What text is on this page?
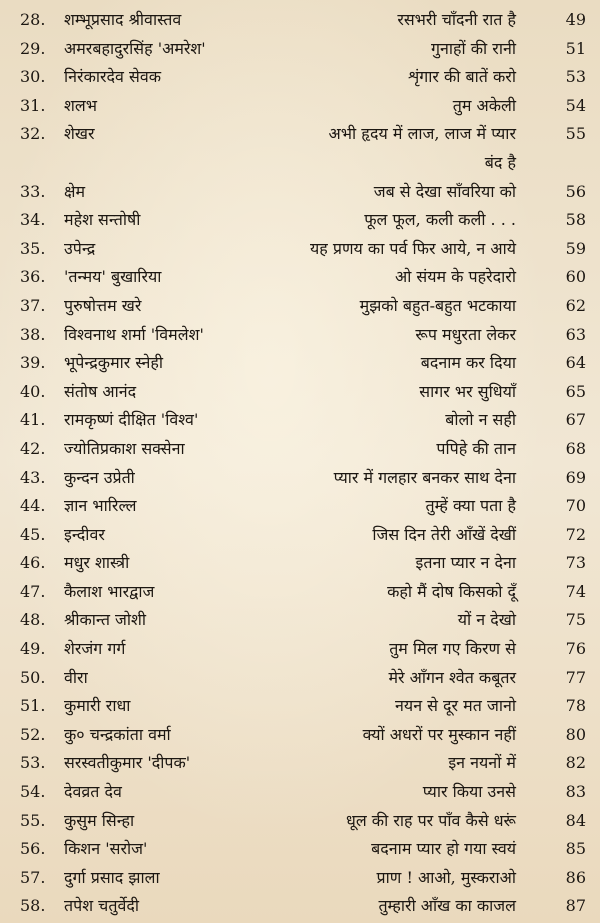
28. शम्भूप्रसाद श्रीवास्तव	रसभरी चाँदनी रात है	49
29. अमरबहादुरसिंह 'अमरेश'	गुनाहों की रानी	51
30. निरंकारदेव सेवक	शृंगार की बातें करो	53
31. शलभ	तुम अकेली	54
32. शेखर	अभी हृदय में लाज, लाज में प्यार	55
बंद है
33. क्षेम	जब से देखा साँवरिया को	56
34. महेश सन्तोषी	फूल फूल, कली कली . . .	58
35. उपेन्द्र	यह प्रणय का पर्व फिर आये, न आये	59
36. 'तन्मय' बुखारिया	ओ संयम के पहरेदारो	60
37. पुरुषोत्तम खरे	मुझको बहुत-बहुत भटकाया	62
38. विश्वनाथ शर्मा 'विमलेश'	रूप मधुरता लेकर	63
39. भूपेन्द्रकुमार स्नेही	बदनाम कर दिया	64
40. संतोष आनंद	सागर भर सुधियाँ	65
41. रामकृष्णं दीक्षित 'विश्व'	बोलो न सही	67
42. ज्योतिप्रकाश सक्सेना	पपिहे की तान	68
43. कुन्दन उप्रेती	प्यार में गलहार बनकर साथ देना	69
44. ज्ञान भारिल्ल	तुम्हें क्या पता है	70
45. इन्दीवर	जिस दिन तेरी आँखें देखीं	72
46. मधुर शास्त्री	इतना प्यार न देना	73
47. कैलाश भारद्वाज	कहो मैं दोष किसको दूँ	74
48. श्रीकान्त जोशी	यों न देखो	75
49. शेरजंग गर्ग	तुम मिल गए किरण से	76
50. वीरा	मेरे आँगन श्वेत कबूतर	77
51. कुमारी राधा	नयन से दूर मत जानो	78
52. कु० चन्द्रकांता वर्मा	क्यों अधरों पर मुस्कान नहीं	80
53. सरस्वतीकुमार 'दीपक'	इन नयनों में	82
54. देवव्रत देव	प्यार किया उनसे	83
55. कुसुम सिन्हा	धूल की राह पर पाँव कैसे धरूं	84
56. किशन 'सरोज'	बदनाम प्यार हो गया स्वयं	85
57. दुर्गा प्रसाद झाला	प्राण ! आओ, मुस्कराओ	86
58. तपेश चतुर्वेदी	तुम्हारी आँख का काजल	87
